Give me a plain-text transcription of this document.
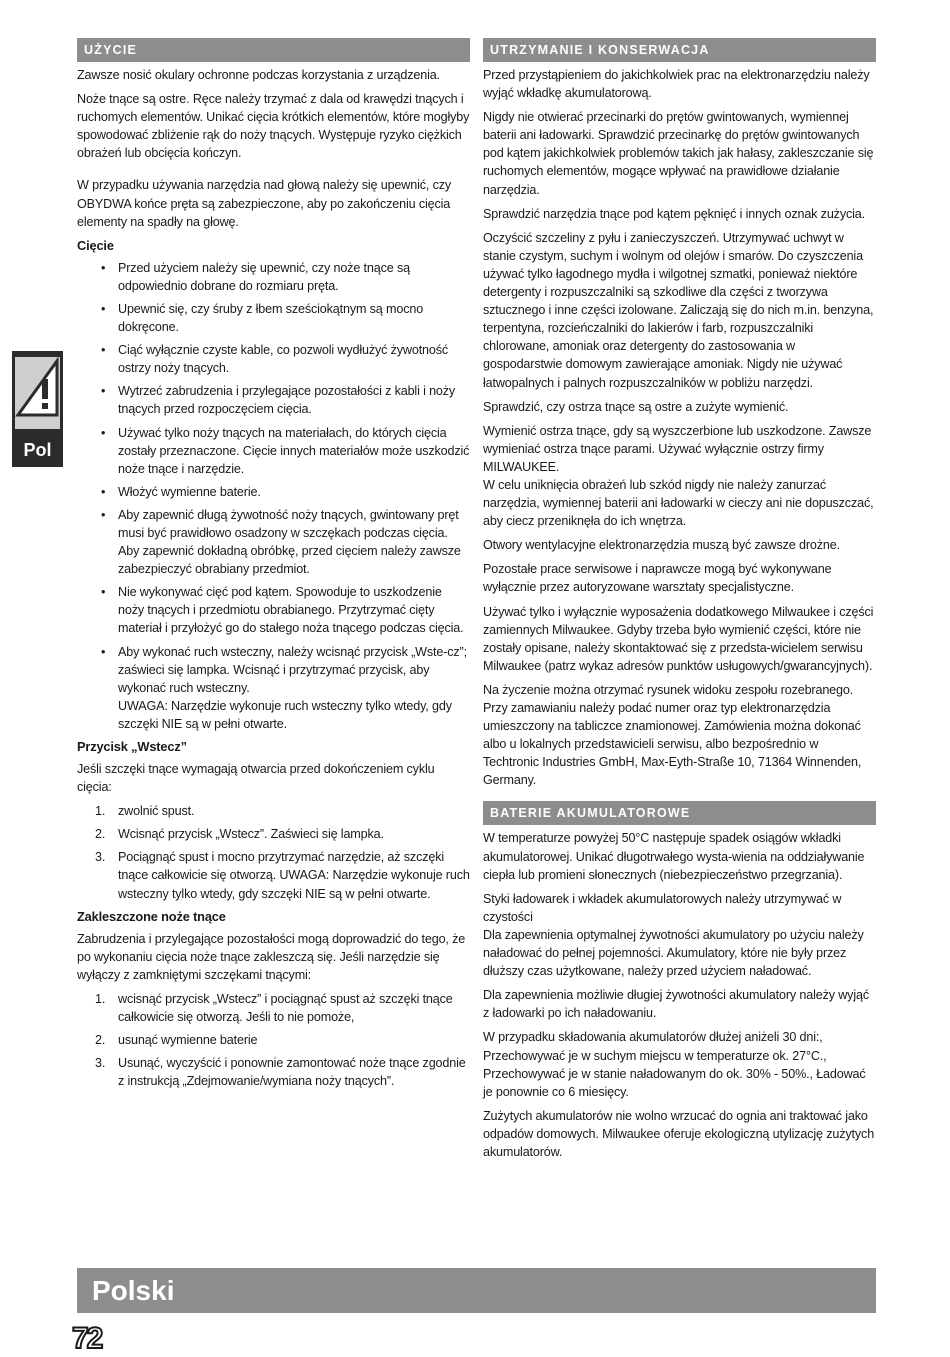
UŻYCIE

Zawsze nosić okulary ochronne podczas korzystania z urządzenia.

Noże tnące są ostre. Ręce należy trzymać z dala od krawędzi tnących i ruchomych elementów. Unikać cięcia krótkich elementów, które mogłyby spowodować zbliżenie rąk do noży tnących. Występuje ryzyko ciężkich obrażeń lub obcięcia kończyn.

W przypadku używania narzędzia nad głową należy się upewnić, czy OBYDWA końce pręta są zabezpieczone, aby po zakończeniu cięcia elementy na spadły na głowę.

Cięcie
• Przed użyciem należy się upewnić, czy noże tnące są odpowiednio dobrane do rozmiaru pręta.
• Upewnić się, czy śruby z łbem sześciokątnym są mocno dokręcone.
• Ciąć wyłącznie czyste kable, co pozwoli wydłużyć żywotność ostrzy noży tnących.
• Wytrzeć zabrudzenia i przylegające pozostałości z kabli i noży tnących przed rozpoczęciem cięcia.
• Używać tylko noży tnących na materiałach, do których cięcia zostały przeznaczone. Cięcie innych materiałów może uszkodzić noże tnące i narzędzie.
• Włożyć wymienne baterie.
• Aby zapewnić długą żywotność noży tnących, gwintowany pręt musi być prawidłowo osadzony w szczękach podczas cięcia. Aby zapewnić dokładną obróbkę, przed cięciem należy zawsze zabezpieczyć obrabiany przedmiot.
• Nie wykonywać cięć pod kątem. Spowoduje to uszkodzenie noży tnących i przedmiotu obrabianego. Przytrzymać cięty materiał i przyłożyć go do stałego noża tnącego podczas cięcia.
• Aby wykonać ruch wsteczny, należy wcisnąć przycisk „Wste-cz”; zaświeci się lampka. Wcisnąć i przytrzymać przycisk, aby wykonać ruch wsteczny.
UWAGA: Narzędzie wykonuje ruch wsteczny tylko wtedy, gdy szczęki NIE są w pełni otwarte.
Przycisk „Wstecz”

Jeśli szczęki tnące wymagają otwarcia przed dokończeniem cyklu cięcia:

1. zwolnić spust.
2. Wcisnąć przycisk „Wstecz”. Zaświeci się lampka.
3. Pociągnąć spust i mocno przytrzymać narzędzie, aż szczęki tnące całkowicie się otworzą. UWAGA: Narzędzie wykonuje ruch wsteczny tylko wtedy, gdy szczęki NIE są w pełni otwarte.
Zakleszczone noże tnące

Zabrudzenia i przylegające pozostałości mogą doprowadzić do tego, że po wykonaniu cięcia noże tnące zakleszczą się. Jeśli narzędzie się wyłączy z zamkniętymi szczękami tnącymi:

1. wcisnąć przycisk „Wstecz” i pociągnąć spust aż szczęki tnące całkowicie się otworzą. Jeśli to nie pomoże,
2. usunąć wymienne baterie
3. Usunąć, wyczyścić i ponownie zamontować noże tnące zgodnie z instrukcją „Zdejmowanie/wymiana noży tnących”.
UTRZYMANIE I KONSERWACJA

Przed przystąpieniem do jakichkolwiek prac na elektronarzędziu należy wyjąć wkładkę akumulatorową.

Nigdy nie otwierać przecinarki do prętów gwintowanych, wymiennej baterii ani ładowarki. Sprawdzić przecinarkę do prętów gwintowanych pod kątem jakichkolwiek problemów takich jak hałasy, zakleszczanie się ruchomych elementów, mogące wpływać na prawidłowe działanie narzędzia.

Sprawdzić narzędzia tnące pod kątem pęknięć i innych oznak zużycia.

Oczyścić szczeliny z pyłu i zanieczyszczeń. Utrzymywać uchwyt w stanie czystym, suchym i wolnym od olejów i smarów. Do czyszczenia używać tylko łagodnego mydła i wilgotnej szmatki, ponieważ niektóre detergenty i rozpuszczalniki są szkodliwe dla części z tworzywa sztucznego i inne części izolowane. Zaliczają się do nich m.in. benzyna, terpentyna, rozcieńczalniki do lakierów i farb, rozpuszczalniki chlorowane, amoniak oraz detergenty do zastosowania w gospodarstwie domowym zawierające amoniak. Nigdy nie używać łatwopalnych i palnych rozpuszczalników w pobliżu narzędzi.

Sprawdzić, czy ostrza tnące są ostre a zużyte wymienić.

Wymienić ostrza tnące, gdy są wyszczerbione lub uszkodzone. Zawsze wymieniać ostrza tnące parami. Używać wyłącznie ostrzy firmy MILWAUKEE.
W celu uniknięcia obrażeń lub szkód nigdy nie należy zanurzać narzędzia, wymiennej baterii ani ładowarki w cieczy ani nie dopuszczać, aby ciecz przeniknęła do ich wnętrza.

Otwory wentylacyjne elektronarzędzia muszą być zawsze drożne.

Pozostałe prace serwisowe i naprawcze mogą być wykonywane wyłącznie przez autoryzowane warsztaty specjalistyczne.

Używać tylko i wyłącznie wyposażenia dodatkowego Milwaukee i części zamiennych Milwaukee. Gdyby trzeba było wymienić części, które nie zostały opisane, należy skontaktować się z przedsta-wicielem serwisu Milwaukee (patrz wykaz adresów punktów usługowych/gwarancyjnych).

Na życzenie można otrzymać rysunek widoku zespołu rozebranego. Przy zamawianiu należy podać numer oraz typ elektronarzędzia umieszczony na tabliczce znamionowej. Zamówienia można dokonać albo u lokalnych przedstawicieli serwisu, albo bezpośrednio w Techtronic Industries GmbH, Max-Eyth-Straße 10, 71364 Winnenden, Germany.

BATERIE AKUMULATOROWE

W temperaturze powyżej 50°C następuje spadek osiągów wkładki akumulatorowej. Unikać długotrwałego wysta-wienia na oddziaływanie ciepła lub promieni słonecznych (niebezpieczeństwo przegrzania).

Styki ładowarek i wkładek akumulatorowych należy utrzymywać w czystości
Dla zapewnienia optymalnej żywotności akumulatory po użyciu należy naładować do pełnej pojemności. Akumulatory, które nie były przez dłuższy czas użytkowane, należy przed użyciem naładować.

Dla zapewnienia możliwie długiej żywotności akumulatory należy wyjąć z ładowarki po ich naładowaniu.

W przypadku składowania akumulatorów dłużej aniżeli 30 dni:, Przechowywać je w suchym miejscu w temperaturze ok. 27°C., Przechowywać je w stanie naładowanym do ok. 30% - 50%., Ładować je ponownie co 6 miesięcy.

Zużytych akumulatorów nie wolno wrzucać do ognia ani traktować jako odpadów domowych. Milwaukee oferuje ekologiczną utylizację zużytych akumulatorów.

Pol
Polski
72
